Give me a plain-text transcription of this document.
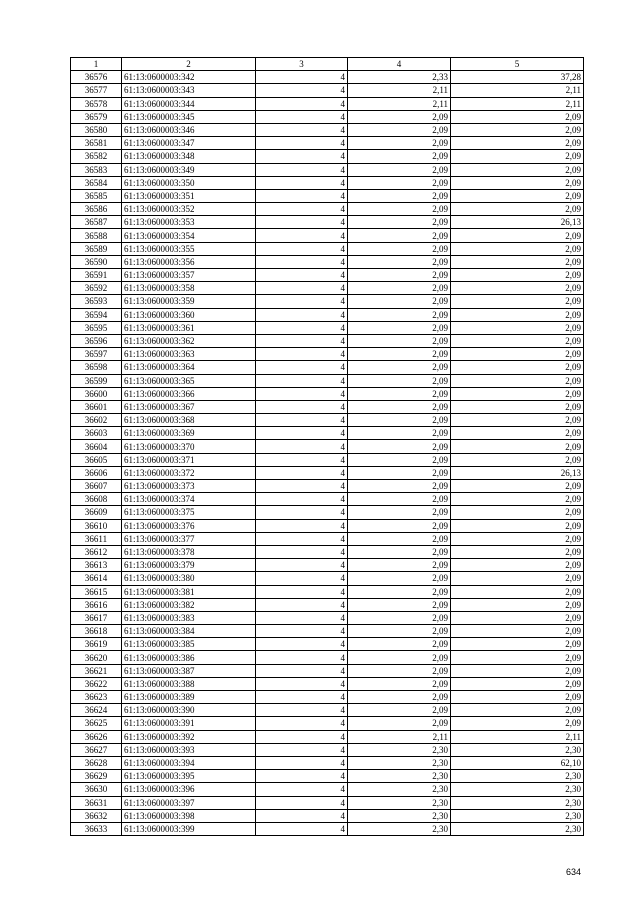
1	2	3	4	5
36576	61:13:0600003:342	4	2,33	37,28
36577	61:13:0600003:343	4	2,11	2,11
36578	61:13:0600003:344	4	2,11	2,11
36579	61:13:0600003:345	4	2,09	2,09
36580	61:13:0600003:346	4	2,09	2,09
36581	61:13:0600003:347	4	2,09	2,09
36582	61:13:0600003:348	4	2,09	2,09
36583	61:13:0600003:349	4	2,09	2,09
36584	61:13:0600003:350	4	2,09	2,09
36585	61:13:0600003:351	4	2,09	2,09
36586	61:13:0600003:352	4	2,09	2,09
36587	61:13:0600003:353	4	2,09	26,13
36588	61:13:0600003:354	4	2,09	2,09
36589	61:13:0600003:355	4	2,09	2,09
36590	61:13:0600003:356	4	2,09	2,09
36591	61:13:0600003:357	4	2,09	2,09
36592	61:13:0600003:358	4	2,09	2,09
36593	61:13:0600003:359	4	2,09	2,09
36594	61:13:0600003:360	4	2,09	2,09
36595	61:13:0600003:361	4	2,09	2,09
36596	61:13:0600003:362	4	2,09	2,09
36597	61:13:0600003:363	4	2,09	2,09
36598	61:13:0600003:364	4	2,09	2,09
36599	61:13:0600003:365	4	2,09	2,09
36600	61:13:0600003:366	4	2,09	2,09
36601	61:13:0600003:367	4	2,09	2,09
36602	61:13:0600003:368	4	2,09	2,09
36603	61:13:0600003:369	4	2,09	2,09
36604	61:13:0600003:370	4	2,09	2,09
36605	61:13:0600003:371	4	2,09	2,09
36606	61:13:0600003:372	4	2,09	26,13
36607	61:13:0600003:373	4	2,09	2,09
36608	61:13:0600003:374	4	2,09	2,09
36609	61:13:0600003:375	4	2,09	2,09
36610	61:13:0600003:376	4	2,09	2,09
36611	61:13:0600003:377	4	2,09	2,09
36612	61:13:0600003:378	4	2,09	2,09
36613	61:13:0600003:379	4	2,09	2,09
36614	61:13:0600003:380	4	2,09	2,09
36615	61:13:0600003:381	4	2,09	2,09
36616	61:13:0600003:382	4	2,09	2,09
36617	61:13:0600003:383	4	2,09	2,09
36618	61:13:0600003:384	4	2,09	2,09
36619	61:13:0600003:385	4	2,09	2,09
36620	61:13:0600003:386	4	2,09	2,09
36621	61:13:0600003:387	4	2,09	2,09
36622	61:13:0600003:388	4	2,09	2,09
36623	61:13:0600003:389	4	2,09	2,09
36624	61:13:0600003:390	4	2,09	2,09
36625	61:13:0600003:391	4	2,09	2,09
36626	61:13:0600003:392	4	2,11	2,11
36627	61:13:0600003:393	4	2,30	2,30
36628	61:13:0600003:394	4	2,30	62,10
36629	61:13:0600003:395	4	2,30	2,30
36630	61:13:0600003:396	4	2,30	2,30
36631	61:13:0600003:397	4	2,30	2,30
36632	61:13:0600003:398	4	2,30	2,30
36633	61:13:0600003:399	4	2,30	2,30
634
